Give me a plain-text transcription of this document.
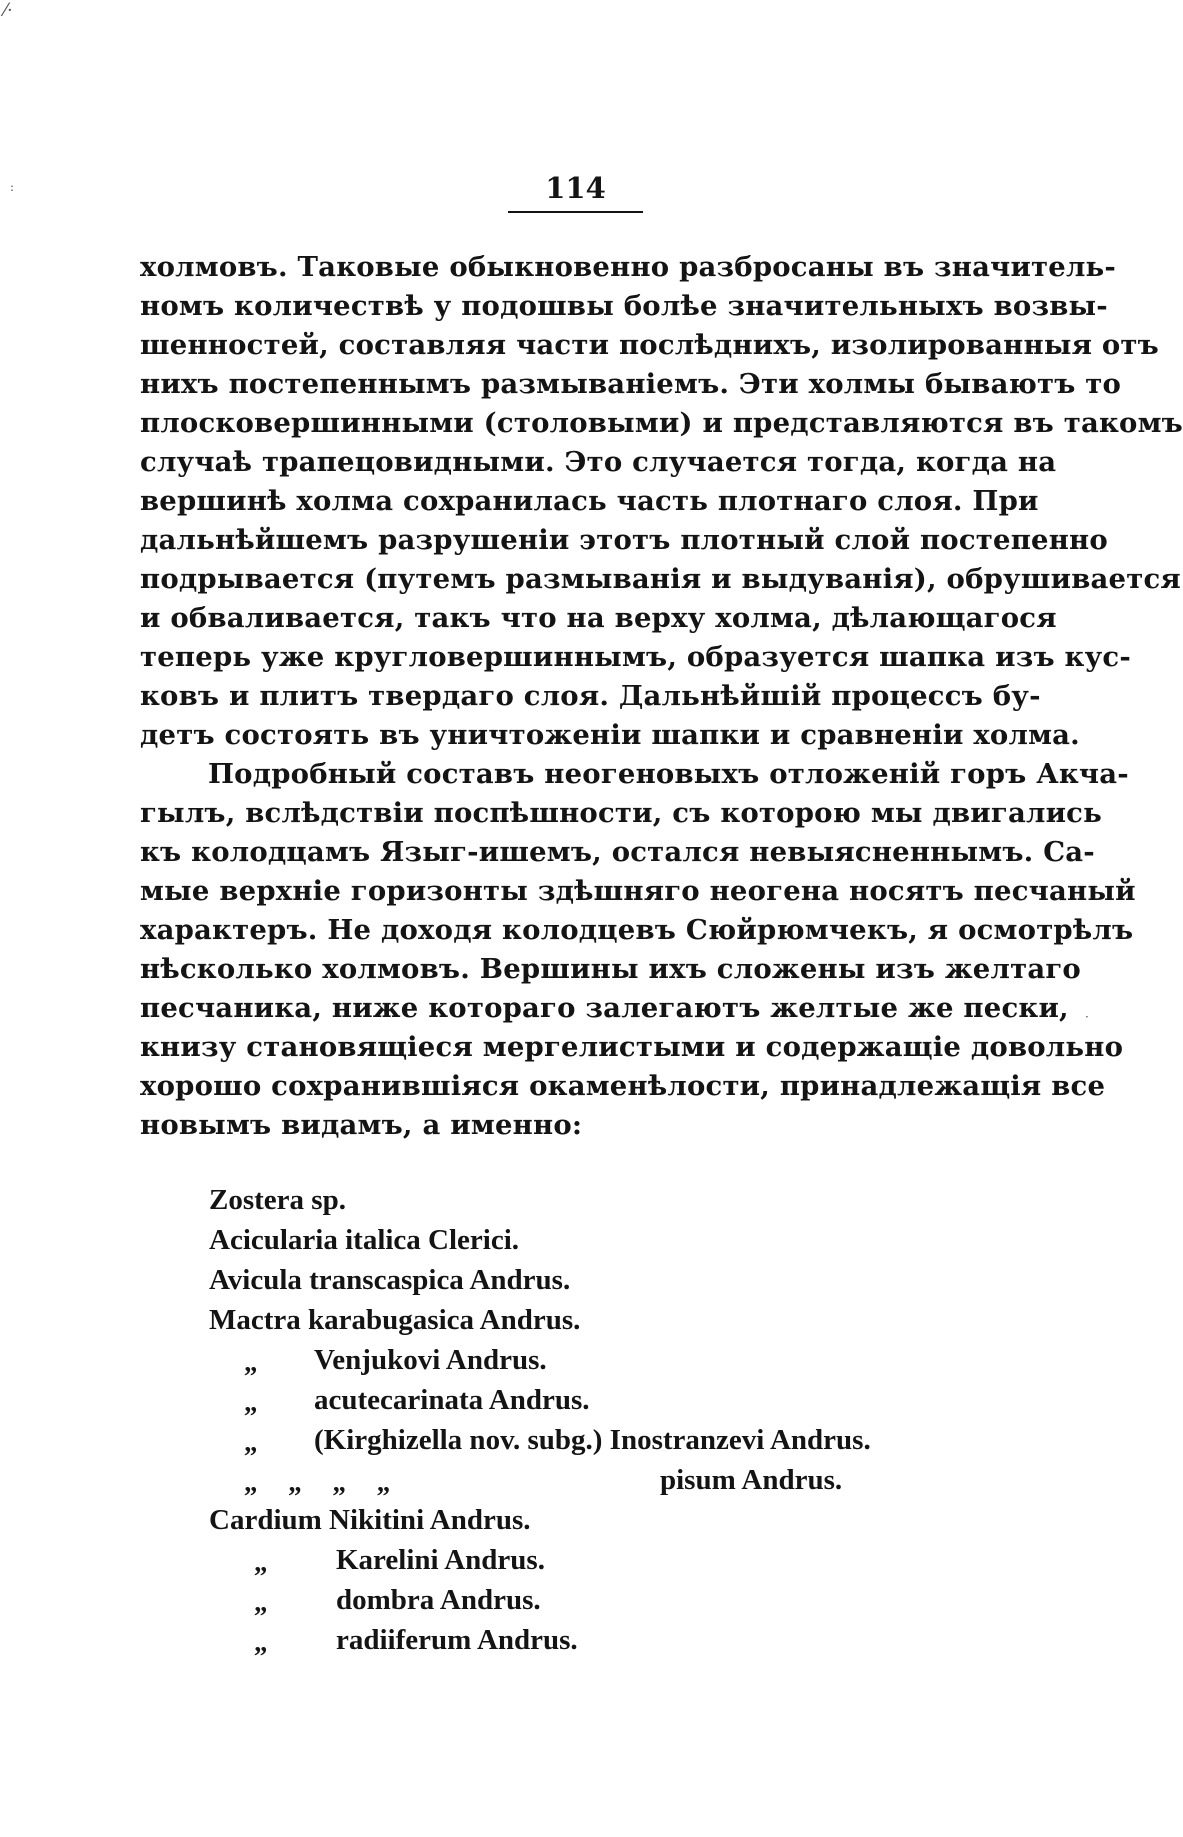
114
холмовъ. Таковые обыкновенно разбросаны въ значитель-
номъ количествѣ у подошвы болѣе значительныхъ возвы-
шенностей, составляя части послѣднихъ, изолированныя отъ
нихъ постепеннымъ размываніемъ. Эти холмы бываютъ то
плосковершинными (столовыми) и представляются въ такомъ
случаѣ трапецовидными. Это случается тогда, когда на
вершинѣ холма сохранилась часть плотнаго слоя. При
дальнѣйшемъ разрушеніи этотъ плотный слой постепенно
подрывается (путемъ размыванія и выдуванія), обрушивается
и обваливается, такъ что на верху холма, дѣлающагося
теперь уже кругловершиннымъ, образуется шапка изъ кус-
ковъ и плитъ твердаго слоя. Дальнѣйшій процессъ бу-
детъ состоять въ уничтоженіи шапки и сравненіи холма.
Подробный составъ неогеновыхъ отложеній горъ Акча-
гылъ, вслѣдствіи поспѣшности, съ которою мы двигались
къ колодцамъ Языг-ишемъ, остался невыясненнымъ. Са-
мые верхніе горизонты здѣшняго неогена носятъ песчаный
характеръ. Не доходя колодцевъ Сюйрюмчекъ, я осмотрѣлъ
нѣсколько холмовъ. Вершины ихъ сложены изъ желтаго
песчаника, ниже котораго залегаютъ желтые же пески,
книзу становящіеся мергелистыми и содержащіе довольно
хорошо сохранившіяся окаменѣлости, принадлежащія все
новымъ видамъ, а именно:
Zostera sp.
Acicularia italica Clerici.
Avicula transcaspica Andrus.
Mactra karabugasica Andrus.
„ Venjukovi Andrus.
„ acutecarinata Andrus.
„ (Kirghizella nov. subg.) Inostranzevi Andrus.
„ „ „ „	pisum Andrus.
Cardium Nikitini Andrus.
„ Karelini Andrus.
„ dombra Andrus.
„ radiiferum Andrus.
⁄·
:
·
